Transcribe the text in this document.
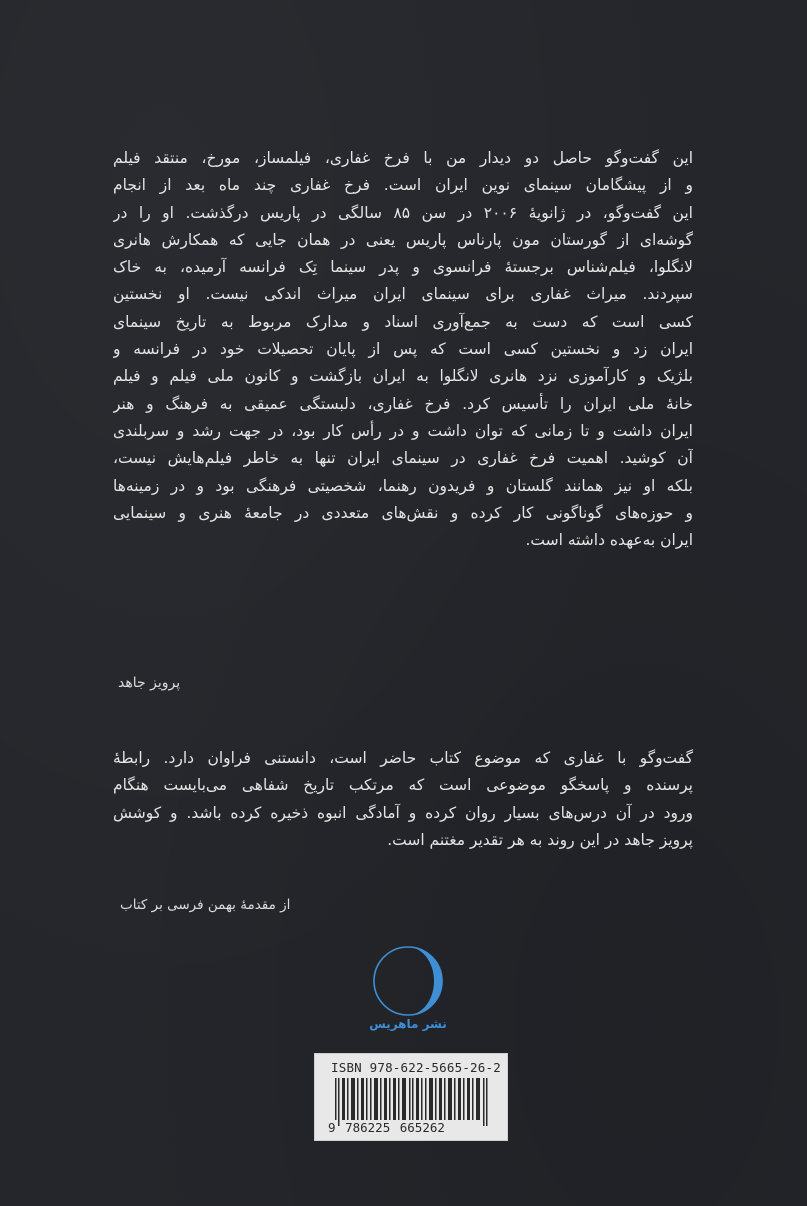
این گفت‌وگو حاصل دو دیدار من با فرخ غفاری، فیلمساز، مورخ، منتقد فیلم
و از پیشگامان سینمای نوین ایران است. فرخ غفاری چند ماه بعد از انجام
این گفت‌وگو، در ژانویهٔ ۲۰۰۶ در سن ۸۵ سالگی در پاریس درگذشت. او را در
گوشه‌ای از گورستان مون پارناس پاریس یعنی در همان جایی که همکارش هانری
لانگلوا، فیلم‌شناس برجستهٔ فرانسوی و پدر سینما تِک فرانسه آرمیده، به خاک
سپردند. میراث غفاری برای سینمای ایران میراث اندکی نیست. او نخستین
کسی است که دست به جمع‌آوری اسناد و مدارک مربوط به تاریخ سینمای
ایران زد و نخستین کسی است که پس از پایان تحصیلات خود در فرانسه و
بلژیک و کارآموزی نزد هانری لانگلوا به ایران بازگشت و کانون ملی فیلم و فیلم
خانهٔ ملی ایران را تأسیس کرد. فرخ غفاری، دلبستگی عمیقی به فرهنگ و هنر
ایران داشت و تا زمانی که توان داشت و در رأس کار بود، در جهت رشد و سربلندی
آن کوشید. اهمیت فرخ غفاری در سینمای ایران تنها به خاطر فیلم‌هایش نیست،
بلکه او نیز همانند گلستان و فریدون رهنما، شخصیتی فرهنگی بود و در زمینه‌ها
و حوزه‌های گوناگونی کار کرده و نقش‌های متعددی در جامعهٔ هنری و سینمایی
ایران به‌عهده داشته است.
پرویز جاهد
گفت‌وگو با غفاری که موضوع کتاب حاضر است، دانستنی فراوان دارد. رابطهٔ
پرسنده و پاسخگو موضوعی است که مرتکب تاریخ شفاهی می‌بایست هنگام
ورود در آن درس‌های بسیار روان کرده و آمادگی انبوه ذخیره کرده باشد. و کوشش
پرویز جاهد در این روند به هر تقدیر مغتنم است.
از مقدمهٔ بهمن فرسی بر کتاب
نشر ماهریس
ISBN 978-622-5665-26-2
9 786225 665262
